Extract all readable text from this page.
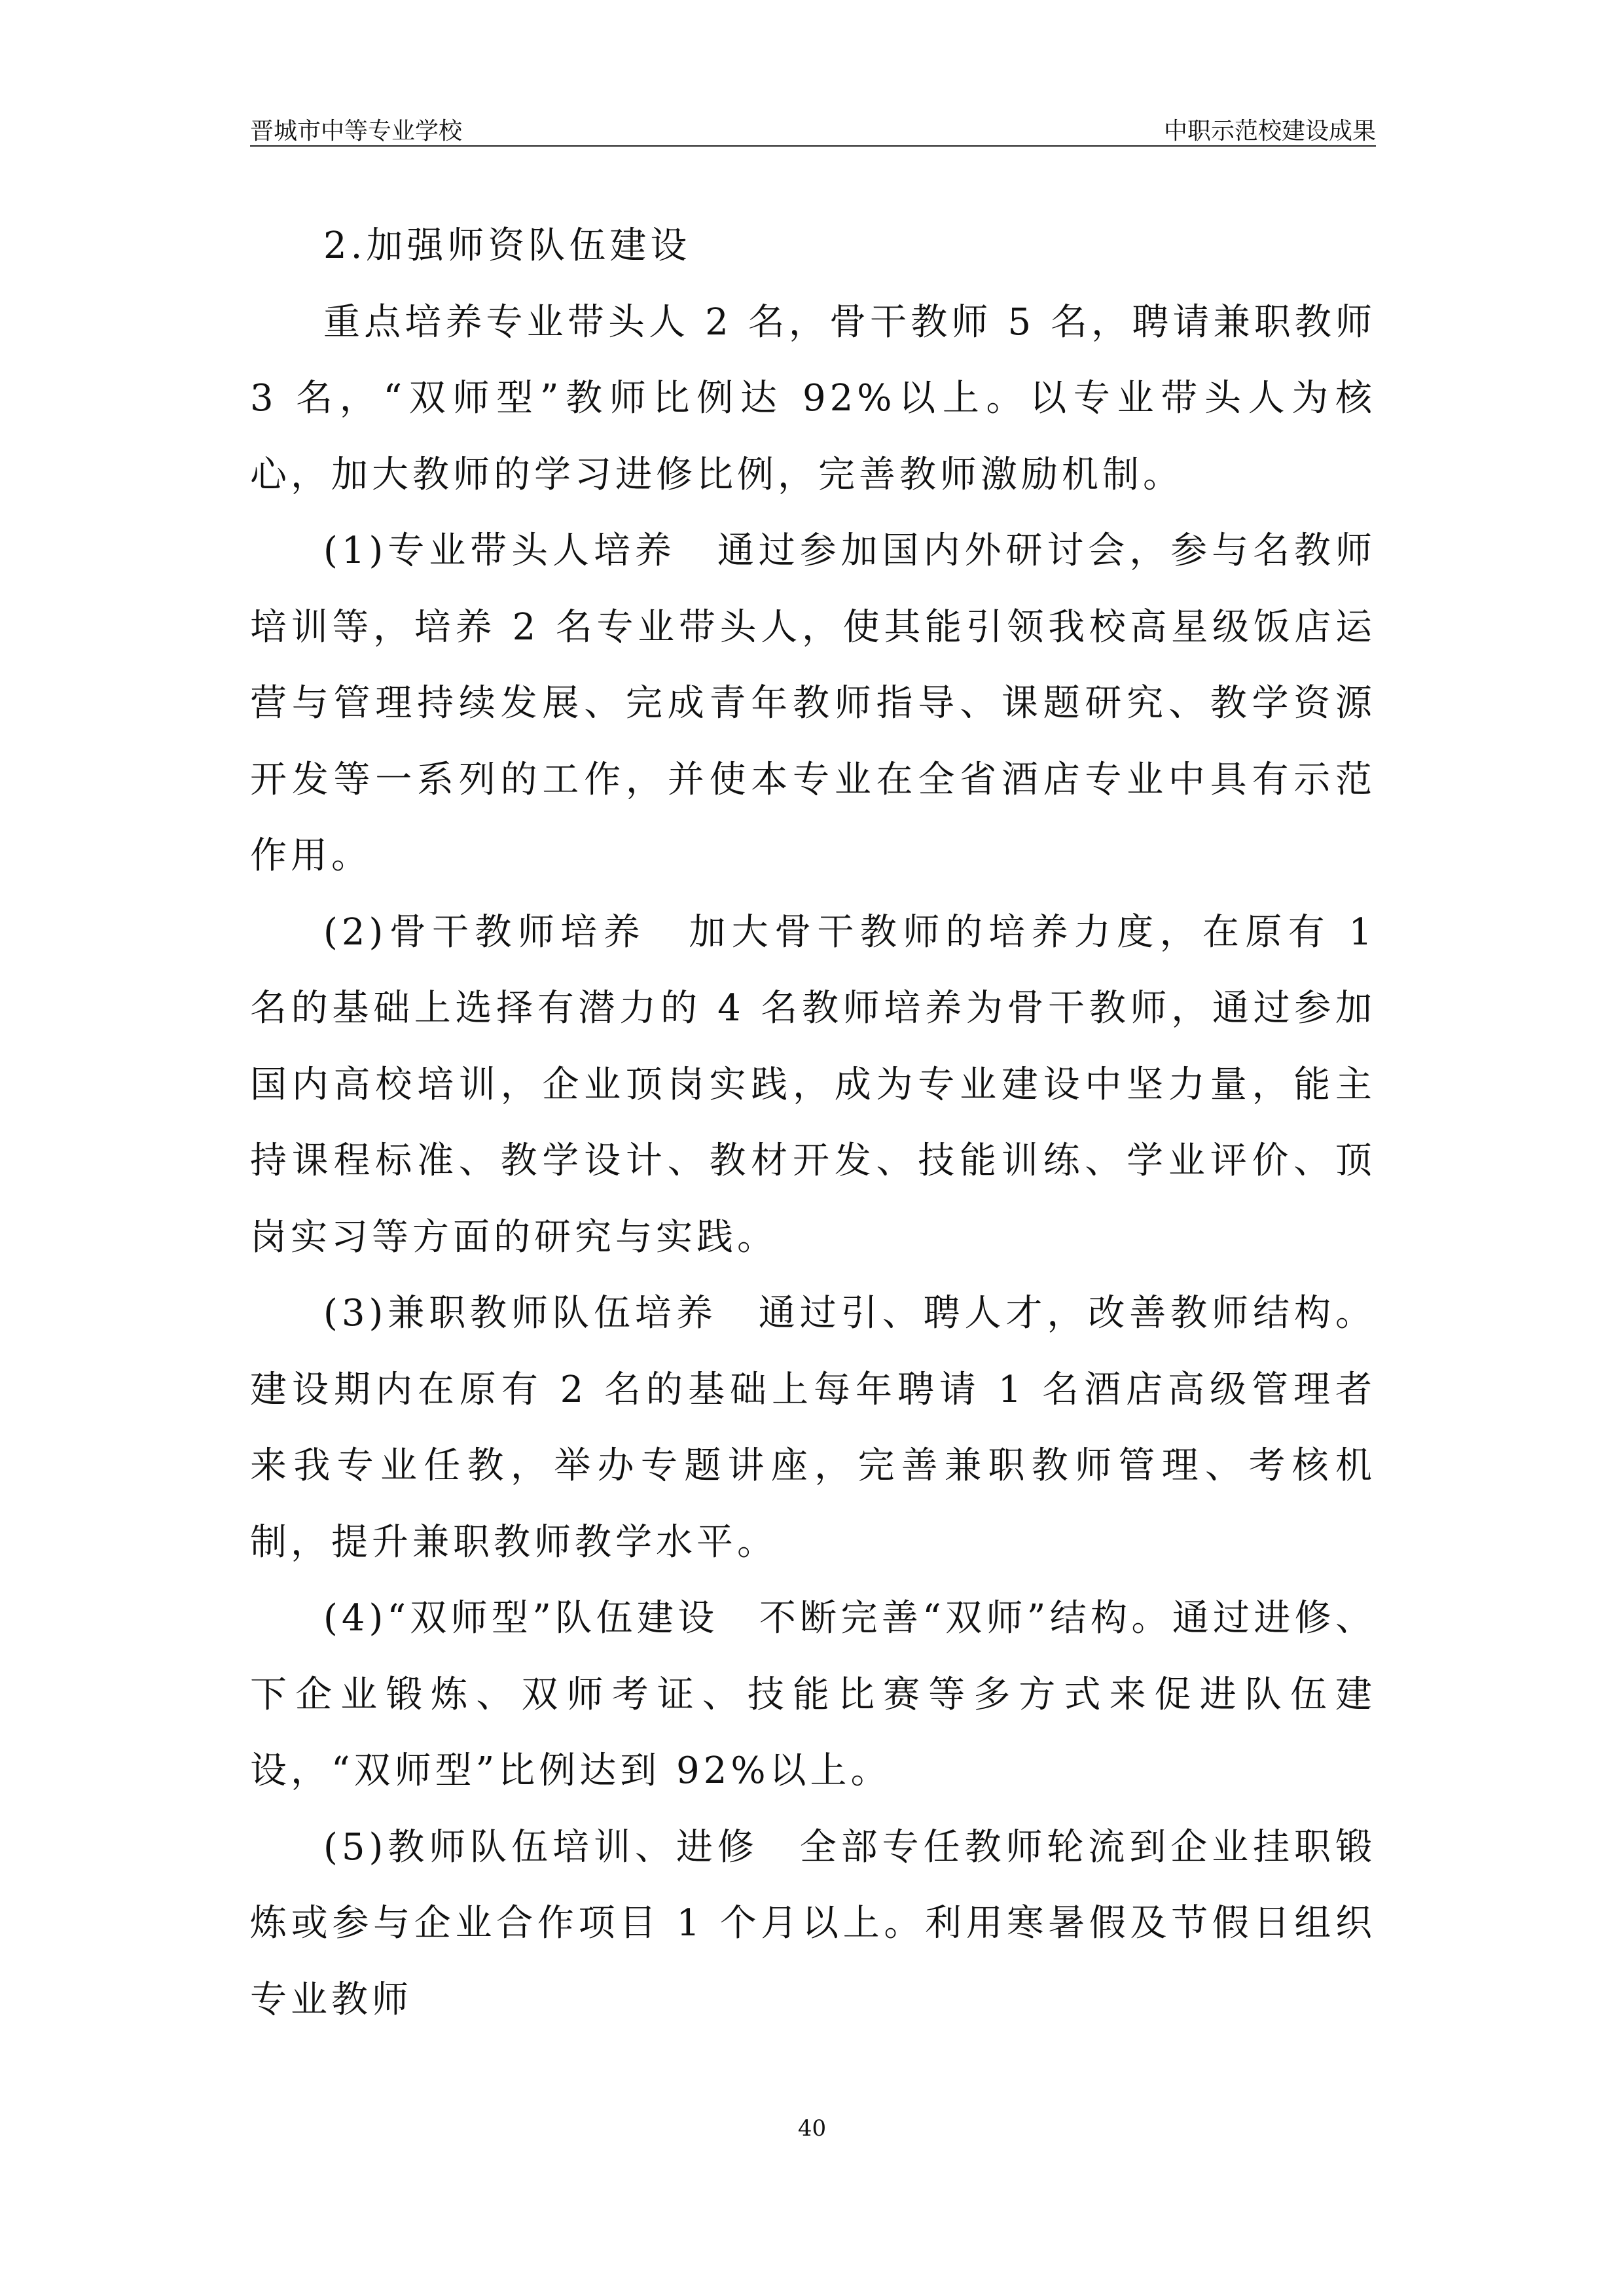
晋城市中等专业学校	中职示范校建设成果

2.加强师资队伍建设

重点培养专业带头人 2 名，骨干教师 5 名，聘请兼职教师 3 名，“双师型”教师比例达 92%以上。以专业带头人为核心，加大教师的学习进修比例，完善教师激励机制。

(1)专业带头人培养　通过参加国内外研讨会，参与名教师培训等，培养 2 名专业带头人，使其能引领我校高星级饭店运营与管理持续发展、完成青年教师指导、课题研究、教学资源开发等一系列的工作，并使本专业在全省酒店专业中具有示范作用。

(2)骨干教师培养　加大骨干教师的培养力度，在原有 1 名的基础上选择有潜力的 4 名教师培养为骨干教师，通过参加国内高校培训，企业顶岗实践，成为专业建设中坚力量，能主持课程标准、教学设计、教材开发、技能训练、学业评价、顶岗实习等方面的研究与实践。

(3)兼职教师队伍培养　通过引、聘人才，改善教师结构。建设期内在原有 2 名的基础上每年聘请 1 名酒店高级管理者来我专业任教，举办专题讲座，完善兼职教师管理、考核机制，提升兼职教师教学水平。

(4)“双师型”队伍建设　不断完善“双师”结构。通过进修、下企业锻炼、双师考证、技能比赛等多方式来促进队伍建设，“双师型”比例达到 92%以上。

(5)教师队伍培训、进修　全部专任教师轮流到企业挂职锻炼或参与企业合作项目 1 个月以上。利用寒暑假及节假日组织专业教师

40
